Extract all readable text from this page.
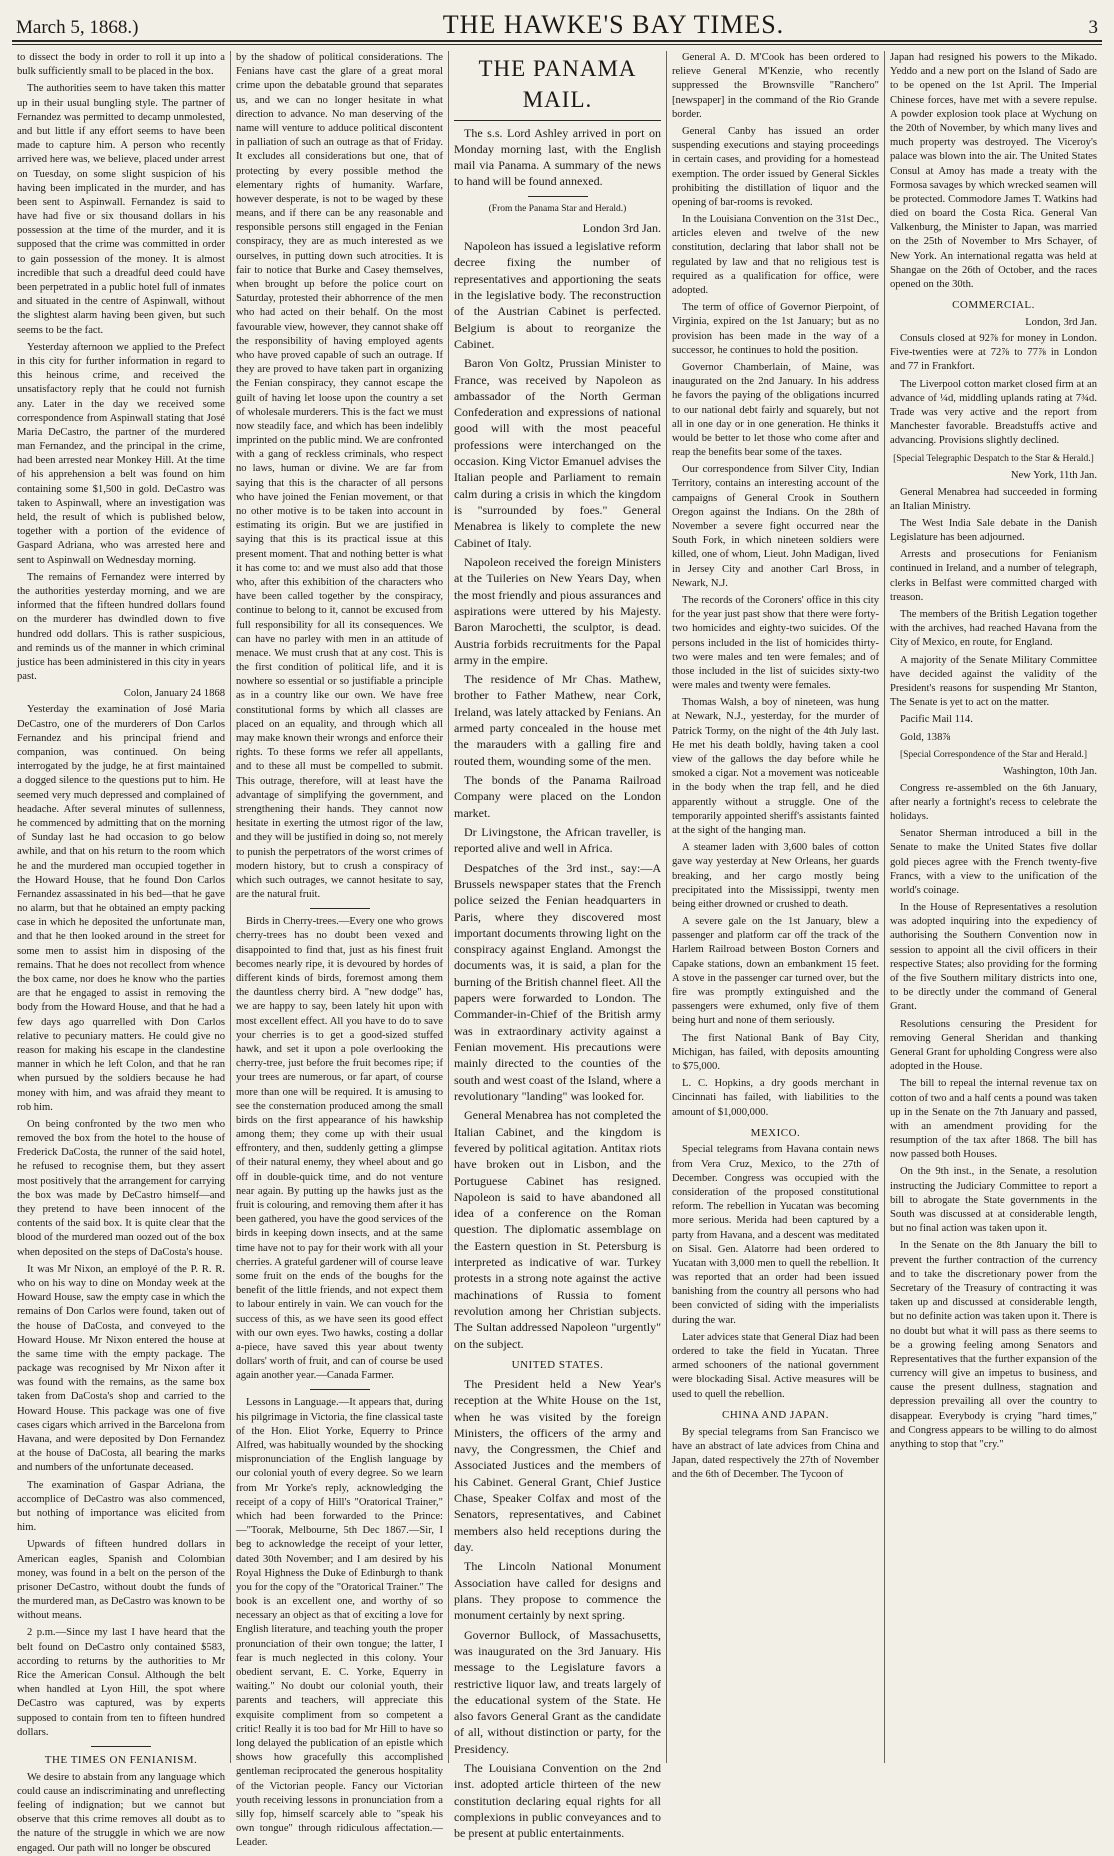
March 5, 1868.)	THE HAWKE'S BAY TIMES.	3

to dissect the body in order to roll it up into a bulk sufficiently small to be placed in the box.

The authorities seem to have taken this matter up in their usual bungling style. The partner of Fernandez was permitted to decamp unmolested, and but little if any effort seems to have been made to capture him. A person who recently arrived here was, we believe, placed under arrest on Tuesday, on some slight suspicion of his having been implicated in the murder, and has been sent to Aspinwall. Fernandez is said to have had five or six thousand dollars in his possession at the time of the murder, and it is supposed that the crime was committed in order to gain possession of the money. It is almost incredible that such a dreadful deed could have been perpetrated in a public hotel full of inmates and situated in the centre of Aspinwall, without the slightest alarm having been given, but such seems to be the fact.

Yesterday afternoon we applied to the Prefect in this city for further information in regard to this heinous crime, and received the unsatisfactory reply that he could not furnish any. Later in the day we received some correspondence from Aspinwall stating that José Maria DeCastro, the partner of the murdered man Fernandez, and the principal in the crime, had been arrested near Monkey Hill. At the time of his apprehension a belt was found on him containing some $1,500 in gold. DeCastro was taken to Aspinwall, where an investigation was held, the result of which is published below, together with a portion of the evidence of Gaspard Adriana, who was arrested here and sent to Aspinwall on Wednesday morning.

The remains of Fernandez were interred by the authorities yesterday morning, and we are informed that the fifteen hundred dollars found on the murderer has dwindled down to five hundred odd dollars. This is rather suspicious, and reminds us of the manner in which criminal justice has been administered in this city in years past.

Colon, January 24 1868

Yesterday the examination of José Maria DeCastro, one of the murderers of Don Carlos Fernandez and his principal friend and companion, was continued. On being interrogated by the judge, he at first maintained a dogged silence to the questions put to him. He seemed very much depressed and complained of headache. After several minutes of sullenness, he commenced by admitting that on the morning of Sunday last he had occasion to go below awhile, and that on his return to the room which he and the murdered man occupied together in the Howard House, that he found Don Carlos Fernandez assassinated in his bed—that he gave no alarm, but that he obtained an empty packing case in which he deposited the unfortunate man, and that he then looked around in the street for some men to assist him in disposing of the remains. That he does not recollect from whence the box came, nor does he know who the parties are that he engaged to assist in removing the body from the Howard House, and that he had a few days ago quarrelled with Don Carlos relative to pecuniary matters. He could give no reason for making his escape in the clandestine manner in which he left Colon, and that he ran when pursued by the soldiers because he had money with him, and was afraid they meant to rob him.

On being confronted by the two men who removed the box from the hotel to the house of Frederick DaCosta, the runner of the said hotel, he refused to recognise them, but they assert most positively that the arrangement for carrying the box was made by DeCastro himself—and they pretend to have been innocent of the contents of the said box. It is quite clear that the blood of the murdered man oozed out of the box when deposited on the steps of DaCosta's house.

It was Mr Nixon, an employé of the P. R. R. who on his way to dine on Monday week at the Howard House, saw the empty case in which the remains of Don Carlos were found, taken out of the house of DaCosta, and conveyed to the Howard House. Mr Nixon entered the house at the same time with the empty package. The package was recognised by Mr Nixon after it was found with the remains, as the same box taken from DaCosta's shop and carried to the Howard House. This package was one of five cases cigars which arrived in the Barcelona from Havana, and were deposited by Don Fernandez at the house of DaCosta, all bearing the marks and numbers of the unfortunate deceased.

The examination of Gaspar Adriana, the accomplice of DeCastro was also commenced, but nothing of importance was elicited from him.

Upwards of fifteen hundred dollars in American eagles, Spanish and Colombian money, was found in a belt on the person of the prisoner DeCastro, without doubt the funds of the murdered man, as DeCastro was known to be without means.

2 p.m.—Since my last I have heard that the belt found on DeCastro only contained $583, according to returns by the authorities to Mr Rice the American Consul. Although the belt when handled at Lyon Hill, the spot where DeCastro was captured, was by experts supposed to contain from ten to fifteen hundred dollars.

THE TIMES ON FENIANISM.

We desire to abstain from any language which could cause an indiscriminating and unreflecting feeling of indignation; but we cannot but observe that this crime removes all doubt as to the nature of the struggle in which we are now engaged. Our path will no longer be obscured

by the shadow of political considerations. The Fenians have cast the glare of a great moral crime upon the debatable ground that separates us, and we can no longer hesitate in what direction to advance. No man deserving of the name will venture to adduce political discontent in palliation of such an outrage as that of Friday. It excludes all considerations but one, that of protecting by every possible method the elementary rights of humanity. Warfare, however desperate, is not to be waged by these means, and if there can be any reasonable and responsible persons still engaged in the Fenian conspiracy, they are as much interested as we ourselves, in putting down such atrocities. It is fair to notice that Burke and Casey themselves, when brought up before the police court on Saturday, protested their abhorrence of the men who had acted on their behalf. On the most favourable view, however, they cannot shake off the responsibility of having employed agents who have proved capable of such an outrage. If they are proved to have taken part in organizing the Fenian conspiracy, they cannot escape the guilt of having let loose upon the country a set of wholesale murderers. This is the fact we must now steadily face, and which has been indelibly imprinted on the public mind. We are confronted with a gang of reckless criminals, who respect no laws, human or divine. We are far from saying that this is the character of all persons who have joined the Fenian movement, or that no other motive is to be taken into account in estimating its origin. But we are justified in saying that this is its practical issue at this present moment. That and nothing better is what it has come to: and we must also add that those who, after this exhibition of the characters who have been called together by the conspiracy, continue to belong to it, cannot be excused from full responsibility for all its consequences. We can have no parley with men in an attitude of menace. We must crush that at any cost. This is the first condition of political life, and it is nowhere so essential or so justifiable a principle as in a country like our own. We have free constitutional forms by which all classes are placed on an equality, and through which all may make known their wrongs and enforce their rights. To these forms we refer all appellants, and to these all must be compelled to submit. This outrage, therefore, will at least have the advantage of simplifying the government, and strengthening their hands. They cannot now hesitate in exerting the utmost rigor of the law, and they will be justified in doing so, not merely to punish the perpetrators of the worst crimes of modern history, but to crush a conspiracy of which such outrages, we cannot hesitate to say, are the natural fruit.

Birds in Cherry-trees.—Every one who grows cherry-trees has no doubt been vexed and disappointed to find that, just as his finest fruit becomes nearly ripe, it is devoured by hordes of different kinds of birds, foremost among them the dauntless cherry bird. A "new dodge" has, we are happy to say, been lately hit upon with most excellent effect. All you have to do to save your cherries is to get a good-sized stuffed hawk, and set it upon a pole overlooking the cherry-tree, just before the fruit becomes ripe; if your trees are numerous, or far apart, of course more than one will be required. It is amusing to see the consternation produced among the small birds on the first appearance of his hawkship among them; they come up with their usual effrontery, and then, suddenly getting a glimpse of their natural enemy, they wheel about and go off in double-quick time, and do not venture near again. By putting up the hawks just as the fruit is colouring, and removing them after it has been gathered, you have the good services of the birds in keeping down insects, and at the same time have not to pay for their work with all your cherries. A grateful gardener will of course leave some fruit on the ends of the boughs for the benefit of the little friends, and not expect them to labour entirely in vain. We can vouch for the success of this, as we have seen its good effect with our own eyes. Two hawks, costing a dollar a-piece, have saved this year about twenty dollars' worth of fruit, and can of course be used again another year.—Canada Farmer.

Lessons in Language.—It appears that, during his pilgrimage in Victoria, the fine classical taste of the Hon. Eliot Yorke, Equerry to Prince Alfred, was habitually wounded by the shocking mispronunciation of the English language by our colonial youth of every degree. So we learn from Mr Yorke's reply, acknowledging the receipt of a copy of Hill's "Oratorical Trainer," which had been forwarded to the Prince:—"Toorak, Melbourne, 5th Dec 1867.—Sir, I beg to acknowledge the receipt of your letter, dated 30th November; and I am desired by his Royal Highness the Duke of Edinburgh to thank you for the copy of the "Oratorical Trainer." The book is an excellent one, and worthy of so necessary an object as that of exciting a love for English literature, and teaching youth the proper pronunciation of their own tongue; the latter, I fear is much neglected in this colony. Your obedient servant, E. C. Yorke, Equerry in waiting." No doubt our colonial youth, their parents and teachers, will appreciate this exquisite compliment from so competent a critic! Really it is too bad for Mr Hill to have so long delayed the publication of an epistle which shows how gracefully this accomplished gentleman reciprocated the generous hospitality of the Victorian people. Fancy our Victorian youth receiving lessons in pronunciation from a silly fop, himself scarcely able to "speak his own tongue" through ridiculous affectation.—Leader.

THE PANAMA MAIL.

The s.s. Lord Ashley arrived in port on Monday morning last, with the English mail via Panama. A summary of the news to hand will be found annexed.

(From the Panama Star and Herald.)

London 3rd Jan.

Napoleon has issued a legislative reform decree fixing the number of representatives and apportioning the seats in the legislative body. The reconstruction of the Austrian Cabinet is perfected. Belgium is about to reorganize the Cabinet.

Baron Von Goltz, Prussian Minister to France, was received by Napoleon as ambassador of the North German Confederation and expressions of national good will with the most peaceful professions were interchanged on the occasion. King Victor Emanuel advises the Italian people and Parliament to remain calm during a crisis in which the kingdom is "surrounded by foes." General Menabrea is likely to complete the new Cabinet of Italy.

Napoleon received the foreign Ministers at the Tuileries on New Years Day, when the most friendly and pious assurances and aspirations were uttered by his Majesty. Baron Marochetti, the sculptor, is dead. Austria forbids recruitments for the Papal army in the empire.

The residence of Mr Chas. Mathew, brother to Father Mathew, near Cork, Ireland, was lately attacked by Fenians. An armed party concealed in the house met the marauders with a galling fire and routed them, wounding some of the men.

The bonds of the Panama Railroad Company were placed on the London market.

Dr Livingstone, the African traveller, is reported alive and well in Africa.

Despatches of the 3rd inst., say:—A Brussels newspaper states that the French police seized the Fenian headquarters in Paris, where they discovered most important documents throwing light on the conspiracy against England. Amongst the documents was, it is said, a plan for the burning of the British channel fleet. All the papers were forwarded to London. The Commander-in-Chief of the British army was in extraordinary activity against a Fenian movement. His precautions were mainly directed to the counties of the south and west coast of the Island, where a revolutionary "landing" was looked for.

General Menabrea has not completed the Italian Cabinet, and the kingdom is fevered by political agitation. Antitax riots have broken out in Lisbon, and the Portuguese Cabinet has resigned. Napoleon is said to have abandoned all idea of a conference on the Roman question. The diplomatic assemblage on the Eastern question in St. Petersburg is interpreted as indicative of war. Turkey protests in a strong note against the active machinations of Russia to foment revolution among her Christian subjects. The Sultan addressed Napoleon "urgently" on the subject.

UNITED STATES.

The President held a New Year's reception at the White House on the 1st, when he was visited by the foreign Ministers, the officers of the army and navy, the Congressmen, the Chief and Associated Justices and the members of his Cabinet. General Grant, Chief Justice Chase, Speaker Colfax and most of the Senators, representatives, and Cabinet members also held receptions during the day.

The Lincoln National Monument Association have called for designs and plans. They propose to commence the monument certainly by next spring.

Governor Bullock, of Massachusetts, was inaugurated on the 3rd January. His message to the Legislature favors a restrictive liquor law, and treats largely of the educational system of the State. He also favors General Grant as the candidate of all, without distinction or party, for the Presidency.

The Louisiana Convention on the 2nd inst. adopted article thirteen of the new constitution declaring equal rights for all complexions in public conveyances and to be present at public entertainments.

General A. D. M'Cook has been ordered to relieve General M'Kenzie, who recently suppressed the Brownsville "Ranchero" [newspaper] in the command of the Rio Grande border.

General Canby has issued an order suspending executions and staying proceedings in certain cases, and providing for a homestead exemption. The order issued by General Sickles prohibiting the distillation of liquor and the opening of bar-rooms is revoked.

In the Louisiana Convention on the 31st Dec., articles eleven and twelve of the new constitution, declaring that labor shall not be regulated by law and that no religious test is required as a qualification for office, were adopted.

The term of office of Governor Pierpoint, of Virginia, expired on the 1st January; but as no provision has been made in the way of a successor, he continues to hold the position.

Governor Chamberlain, of Maine, was inaugurated on the 2nd January. In his address he favors the paying of the obligations incurred to our national debt fairly and squarely, but not all in one day or in one generation. He thinks it would be better to let those who come after and reap the benefits bear some of the taxes.

Our correspondence from Silver City, Indian Territory, contains an interesting account of the campaigns of General Crook in Southern Oregon against the Indians. On the 28th of November a severe fight occurred near the South Fork, in which nineteen soldiers were killed, one of whom, Lieut. John Madigan, lived in Jersey City and another Carl Bross, in Newark, N.J.

The records of the Coroners' office in this city for the year just past show that there were forty-two homicides and eighty-two suicides. Of the persons included in the list of homicides thirty-two were males and ten were females; and of those included in the list of suicides sixty-two were males and twenty were females.

Thomas Walsh, a boy of nineteen, was hung at Newark, N.J., yesterday, for the murder of Patrick Tormy, on the night of the 4th July last. He met his death boldly, having taken a cool view of the gallows the day before while he smoked a cigar. Not a movement was noticeable in the body when the trap fell, and he died apparently without a struggle. One of the temporarily appointed sheriff's assistants fainted at the sight of the hanging man.

A steamer laden with 3,600 bales of cotton gave way yesterday at New Orleans, her guards breaking, and her cargo mostly being precipitated into the Mississippi, twenty men being either drowned or crushed to death.

A severe gale on the 1st January, blew a passenger and platform car off the track of the Harlem Railroad between Boston Corners and Capake stations, down an embankment 15 feet. A stove in the passenger car turned over, but the fire was promptly extinguished and the passengers were exhumed, only five of them being hurt and none of them seriously.

The first National Bank of Bay City, Michigan, has failed, with deposits amounting to $75,000.

L. C. Hopkins, a dry goods merchant in Cincinnati has failed, with liabilities to the amount of $1,000,000.

MEXICO.

Special telegrams from Havana contain news from Vera Cruz, Mexico, to the 27th of December. Congress was occupied with the consideration of the proposed constitutional reform. The rebellion in Yucatan was becoming more serious. Merida had been captured by a party from Havana, and a descent was meditated on Sisal. Gen. Alatorre had been ordered to Yucatan with 3,000 men to quell the rebellion. It was reported that an order had been issued banishing from the country all persons who had been convicted of siding with the imperialists during the war.

Later advices state that General Diaz had been ordered to take the field in Yucatan. Three armed schooners of the national government were blockading Sisal. Active measures will be used to quell the rebellion.

CHINA AND JAPAN.

By special telegrams from San Francisco we have an abstract of late advices from China and Japan, dated respectively the 27th of November and the 6th of December. The Tycoon of

Japan had resigned his powers to the Mikado. Yeddo and a new port on the Island of Sado are to be opened on the 1st April. The Imperial Chinese forces, have met with a severe repulse. A powder explosion took place at Wychung on the 20th of November, by which many lives and much property was destroyed. The Viceroy's palace was blown into the air. The United States Consul at Amoy has made a treaty with the Formosa savages by which wrecked seamen will be protected. Commodore James T. Watkins had died on board the Costa Rica. General Van Valkenburg, the Minister to Japan, was married on the 25th of November to Mrs Schayer, of New York. An international regatta was held at Shangae on the 26th of October, and the races opened on the 30th.

COMMERCIAL.

London, 3rd Jan.

Consuls closed at 92⅞ for money in London. Five-twenties were at 72⅞ to 77⅞ in London and 77 in Frankfort.

The Liverpool cotton market closed firm at an advance of ¼d, middling uplands rating at 7¾d. Trade was very active and the report from Manchester favorable. Breadstuffs active and advancing. Provisions slightly declined.

[Special Telegraphic Despatch to the Star & Herald.]

New York, 11th Jan.

General Menabrea had succeeded in forming an Italian Ministry.

The West India Sale debate in the Danish Legislature has been adjourned.

Arrests and prosecutions for Fenianism continued in Ireland, and a number of telegraph, clerks in Belfast were committed charged with treason.

The members of the British Legation together with the archives, had reached Havana from the City of Mexico, en route, for England.

A majority of the Senate Military Committee have decided against the validity of the President's reasons for suspending Mr Stanton, The Senate is yet to act on the matter.

Pacific Mail 114.

Gold, 138⅞

[Special Correspondence of the Star and Herald.]

Washington, 10th Jan.

Congress re-assembled on the 6th January, after nearly a fortnight's recess to celebrate the holidays.

Senator Sherman introduced a bill in the Senate to make the United States five dollar gold pieces agree with the French twenty-five Francs, with a view to the unification of the world's coinage.

In the House of Representatives a resolution was adopted inquiring into the expediency of authorising the Southern Convention now in session to appoint all the civil officers in their respective States; also providing for the forming of the five Southern military districts into one, to be directly under the command of General Grant.

Resolutions censuring the President for removing General Sheridan and thanking General Grant for upholding Congress were also adopted in the House.

The bill to repeal the internal revenue tax on cotton of two and a half cents a pound was taken up in the Senate on the 7th January and passed, with an amendment providing for the resumption of the tax after 1868. The bill has now passed both Houses.

On the 9th inst., in the Senate, a resolution instructing the Judiciary Committee to report a bill to abrogate the State governments in the South was discussed at at considerable length, but no final action was taken upon it.

In the Senate on the 8th January the bill to prevent the further contraction of the currency and to take the discretionary power from the Secretary of the Treasury of contracting it was taken up and discussed at considerable length, but no definite action was taken upon it. There is no doubt but what it will pass as there seems to be a growing feeling among Senators and Representatives that the further expansion of the currency will give an impetus to business, and cause the present dullness, stagnation and depression prevailing all over the country to disappear. Everybody is crying "hard times," and Congress appears to be willing to do almost anything to stop that "cry."
